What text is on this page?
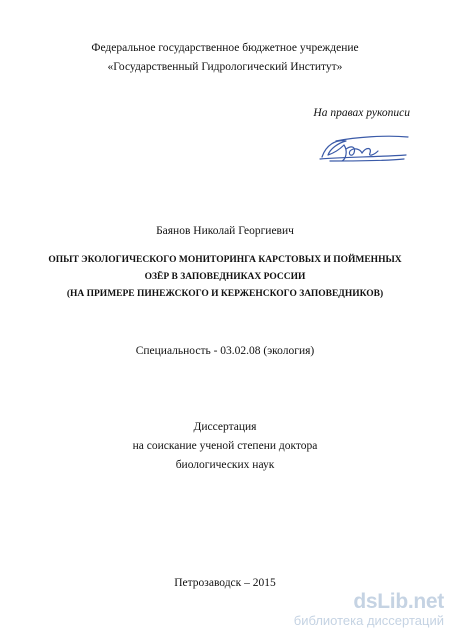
Федеральное государственное бюджетное учреждение
«Государственный Гидрологический Институт»
На правах рукописи
Баянов Николай Георгиевич
ОПЫТ ЭКОЛОГИЧЕСКОГО МОНИТОРИНГА КАРСТОВЫХ И ПОЙМЕННЫХ
ОЗЁР В ЗАПОВЕДНИКАХ РОССИИ
(НА ПРИМЕРЕ ПИНЕЖСКОГО И КЕРЖЕНСКОГО ЗАПОВЕДНИКОВ)
Специальность - 03.02.08 (экология)
Диссертация
на соискание ученой степени доктора
биологических наук
Петрозаводск – 2015
dsLib.net
библиотека диссертаций
